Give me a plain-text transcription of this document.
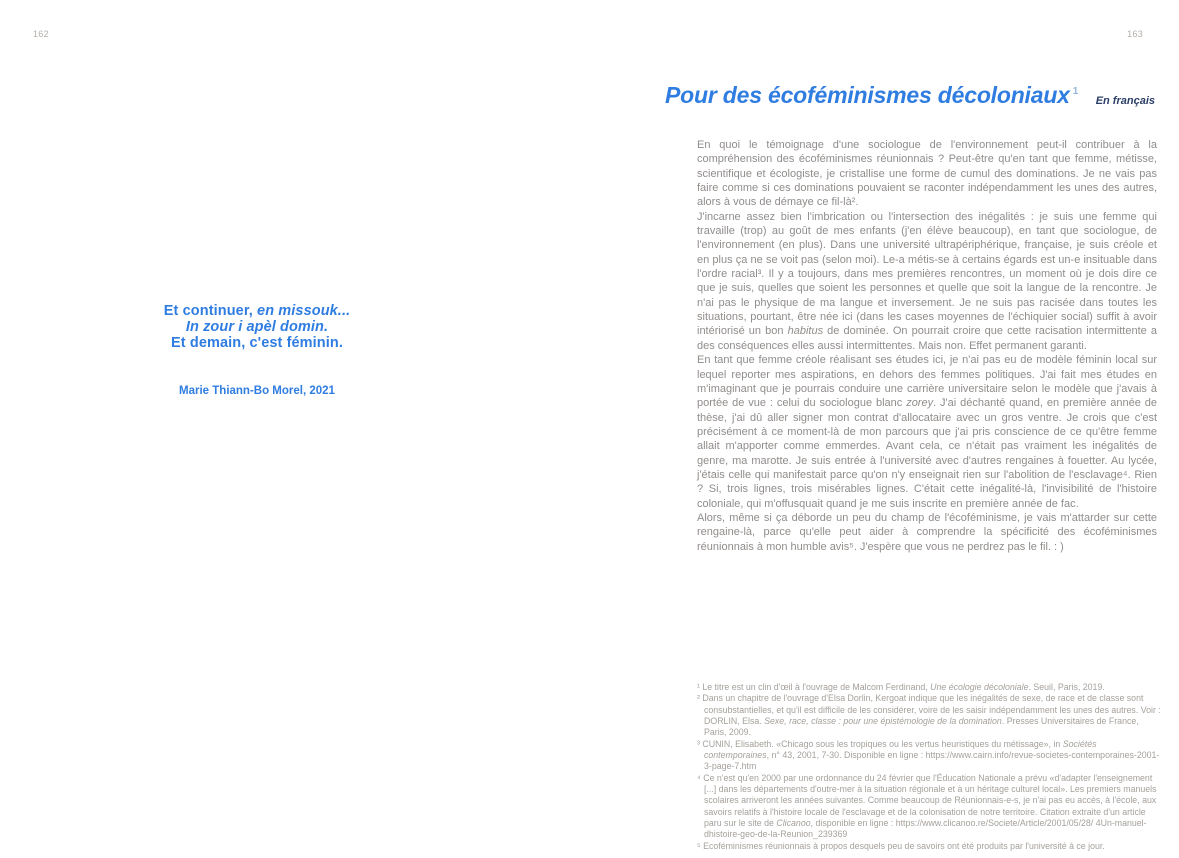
162
Et continuer, en missouk...
In zour i apèl domin.
Et demain, c'est féminin.
Marie Thiann-Bo Morel, 2021
163
Pour des écoféminismes décoloniaux $^1$
En français

En quoi le témoignage d'une sociologue de l'environnement peut-il contribuer à la compréhension des écoféminismes réunionnais ? Peut-être qu'en tant que femme, métisse, scientifique et écologiste, je cristallise une forme de cumul des dominations. Je ne vais pas faire comme si ces dominations pouvaient se raconter indépendamment les unes des autres, alors à vous de démaye ce fil-là².

J'incarne assez bien l'imbrication ou l'intersection des inégalités : je suis une femme qui travaille (trop) au goût de mes enfants (j'en élève beaucoup), en tant que sociologue, de l'environnement (en plus). Dans une université ultrapériphérique, française, je suis créole et en plus ça ne se voit pas (selon moi). Le-a métis-se à certains égards est un-e insituable dans l'ordre racial³. Il y a toujours, dans mes premières rencontres, un moment où je dois dire ce que je suis, quelles que soient les personnes et quelle que soit la langue de la rencontre. Je n'ai pas le physique de ma langue et inversement. Je ne suis pas racisée dans toutes les situations, pourtant, être née ici (dans les cases moyennes de l'échiquier social) suffit à avoir intériorisé un bon habitus de dominée. On pourrait croire que cette racisation intermittente a des conséquences elles aussi intermittentes. Mais non. Effet permanent garanti.

En tant que femme créole réalisant ses études ici, je n'ai pas eu de modèle féminin local sur lequel reporter mes aspirations, en dehors des femmes politiques. J'ai fait mes études en m'imaginant que je pourrais conduire une carrière universitaire selon le modèle que j'avais à portée de vue : celui du sociologue blanc zorey. J'ai déchanté quand, en première année de thèse, j'ai dû aller signer mon contrat d'allocataire avec un gros ventre. Je crois que c'est précisément à ce moment-là de mon parcours que j'ai pris conscience de ce qu'être femme allait m'apporter comme emmerdes. Avant cela, ce n'était pas vraiment les inégalités de genre, ma marotte. Je suis entrée à l'université avec d'autres rengaines à fouetter. Au lycée, j'étais celle qui manifestait parce qu'on n'y enseignait rien sur l'abolition de l'esclavage⁴. Rien ? Si, trois lignes, trois misérables lignes. C'était cette inégalité-là, l'invisibilité de l'histoire coloniale, qui m'offusquait quand je me suis inscrite en première année de fac.

Alors, même si ça déborde un peu du champ de l'écoféminisme, je vais m'attarder sur cette rengaine-là, parce qu'elle peut aider à comprendre la spécificité des écoféminismes réunionnais à mon humble avis⁵. J'espère que vous ne perdrez pas le fil. : )

¹ Le titre est un clin d'œil à l'ouvrage de Malcom Ferdinand, Une écologie décoloniale. Seuil, Paris, 2019.
² Dans un chapitre de l'ouvrage d'Elsa Dorlin, Kergoat indique que les inégalités de sexe, de race et de classe sont consubstantielles, et qu'il est difficile de les considérer, voire de les saisir indépendamment les unes des autres. Voir : DORLIN, Elsa. Sexe, race, classe : pour une épistémologie de la domination. Presses Universitaires de France, Paris, 2009.
³ CUNIN, Elisabeth. «Chicago sous les tropiques ou les vertus heuristiques du métissage», in Sociétés contemporaines, n° 43, 2001, 7-30. Disponible en ligne : https://www.cairn.info/revue-societes-contemporaines-2001-3-page-7.htm
⁴ Ce n'est qu'en 2000 par une ordonnance du 24 février que l'Éducation Nationale a prévu «d'adapter l'enseignement [...] dans les départements d'outre-mer à la situation régionale et à un héritage culturel local». Les premiers manuels scolaires arriveront les années suivantes. Comme beaucoup de Réunionnais-e-s, je n'ai pas eu accès, à l'école, aux savoirs relatifs à l'histoire locale de l'esclavage et de la colonisation de notre territoire. Citation extraite d'un article paru sur le site de Clicanoo, disponible en ligne : https://www.clicanoo.re/Societe/Article/2001/05/28/ 4Un-manuel-dhistoire-geo-de-la-Reunion_239369
⁵ Ecoféminismes réunionnais à propos desquels peu de savoirs ont été produits par l'université à ce jour.
